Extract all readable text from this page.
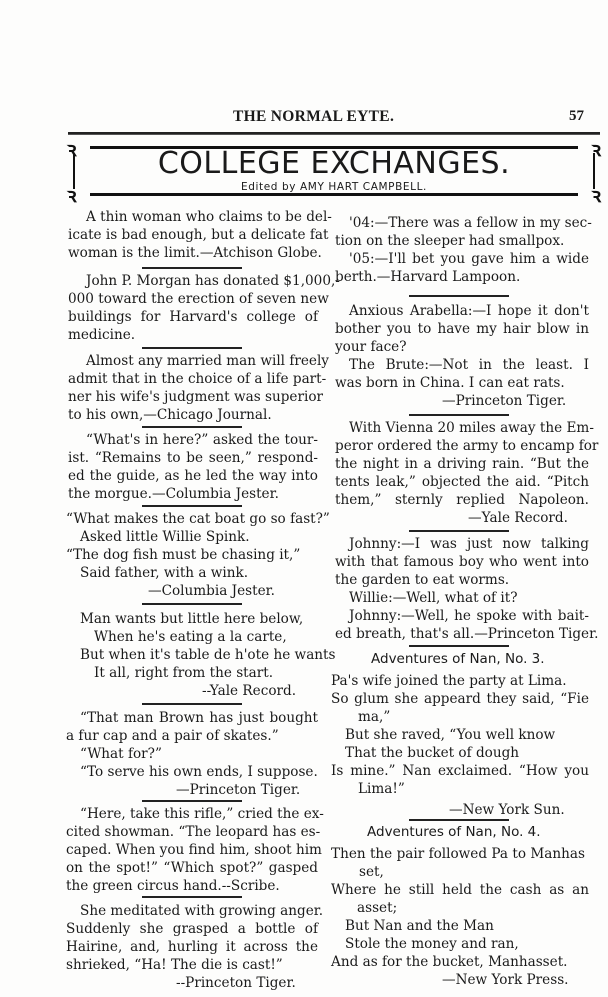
THE NORMAL EYTE.	57
ꝛ
ꝛ
ꝛ
ꝛ
COLLEGE EXCHANGES.
Edited by AMY HART CAMPBELL.
A thin woman who claims to be del-
icate is bad enough, but a delicate fat
woman is the limit.—Atchison Globe.
John P. Morgan has donated $1,000,-
000 toward the erection of seven new
buildings for Harvard's college of
medicine.
Almost any married man will freely
admit that in the choice of a life part-
ner his wife's judgment was superior
to his own,—Chicago Journal.
“What's in here?” asked the tour-
ist. “Remains to be seen,” respond-
ed the guide, as he led the way into
the morgue.—Columbia Jester.
“What makes the cat boat go so fast?”
Asked little Willie Spink.
“The dog fish must be chasing it,”
Said father, with a wink.
—Columbia Jester.
Man wants but little here below,
When he's eating a la carte,
But when it's table de h'ote he wants
It all, right from the start.
--Yale Record.
“That man Brown has just bought
a fur cap and a pair of skates.”
“What for?”
“To serve his own ends, I suppose.
—Princeton Tiger.
“Here, take this rifle,” cried the ex-
cited showman. “The leopard has es-
caped. When you find him, shoot him
on the spot!” “Which spot?” gasped
the green circus hand.--Scribe.
She meditated with growing anger.
Suddenly she grasped a bottle of
Hairine, and, hurling it across the
shrieked, “Ha! The die is cast!”
--Princeton Tiger.
'04:—There was a fellow in my sec-
tion on the sleeper had smallpox.
'05:—I'll bet you gave him a wide
berth.—Harvard Lampoon.
Anxious Arabella:—I hope it don't
bother you to have my hair blow in
your face?
The Brute:—Not in the least. I
was born in China. I can eat rats.
—Princeton Tiger.
With Vienna 20 miles away the Em-
peror ordered the army to encamp for
the night in a driving rain. “But the
tents leak,” objected the aid. “Pitch
them,” sternly replied Napoleon.
—Yale Record.
Johnny:—I was just now talking
with that famous boy who went into
the garden to eat worms.
Willie:—Well, what of it?
Johnny:—Well, he spoke with bait-
ed breath, that's all.—Princeton Tiger.
Adventures of Nan, No. 3.
Pa's wife joined the party at Lima.
So glum she appeard they said, “Fie
ma,”
But she raved, “You well know
That the bucket of dough
Is mine.” Nan exclaimed. “How you
Lima!”
—New York Sun.
Adventures of Nan, No. 4.
Then the pair followed Pa to Manhas
set,
Where he still held the cash as an
asset;
But Nan and the Man
Stole the money and ran,
And as for the bucket, Manhasset.
—New York Press.
